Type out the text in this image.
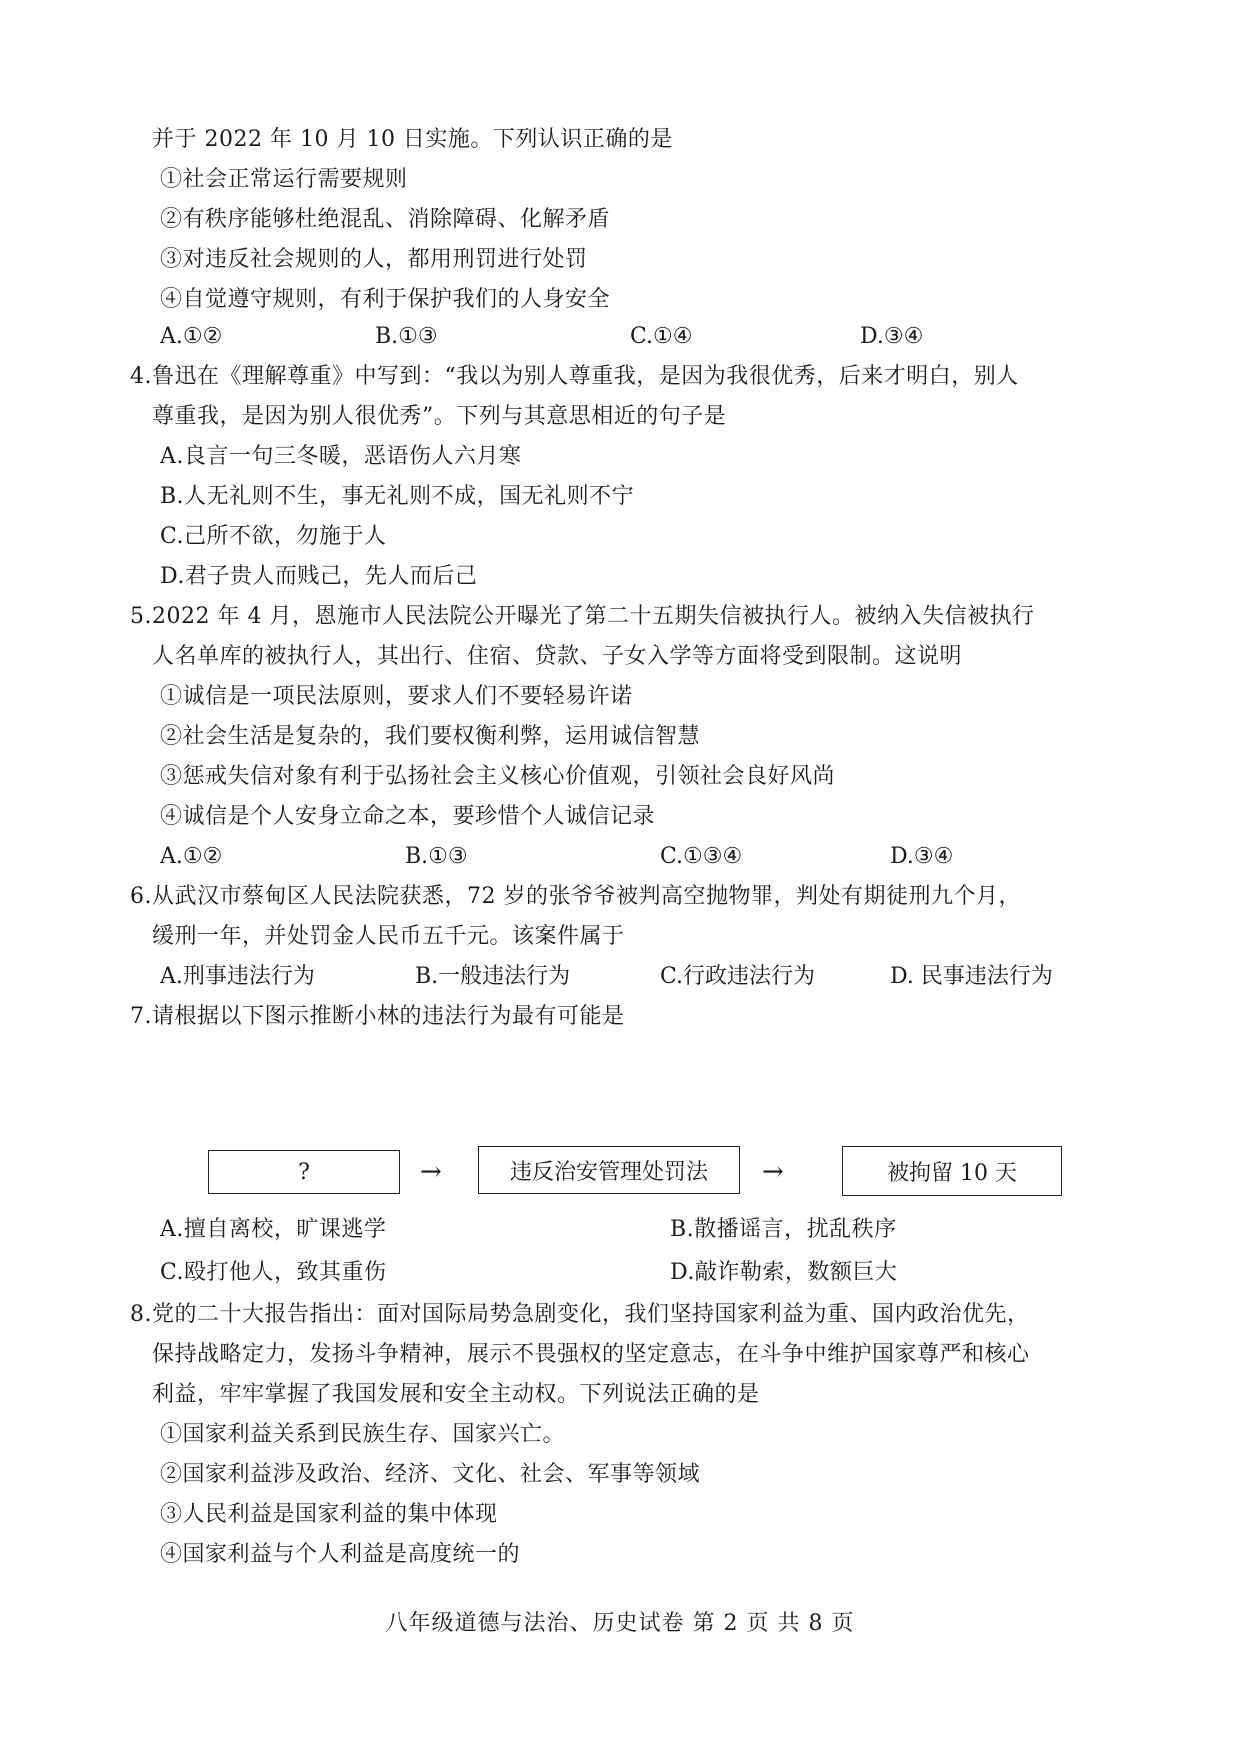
并于 2022 年 10 月 10 日实施。下列认识正确的是
①社会正常运行需要规则
②有秩序能够杜绝混乱、消除障碍、化解矛盾
③对违反社会规则的人，都用刑罚进行处罚
④自觉遵守规则，有利于保护我们的人身安全
A.①②	B.①③	C.①④	D.③④
4.鲁迅在《理解尊重》中写到：“我以为别人尊重我，是因为我很优秀，后来才明白，别人
尊重我，是因为别人很优秀”。下列与其意思相近的句子是
A.良言一句三冬暖，恶语伤人六月寒
B.人无礼则不生，事无礼则不成，国无礼则不宁
C.己所不欲，勿施于人
D.君子贵人而贱己，先人而后己
5.2022 年 4 月，恩施市人民法院公开曝光了第二十五期失信被执行人。被纳入失信被执行
人名单库的被执行人，其出行、住宿、贷款、子女入学等方面将受到限制。这说明
①诚信是一项民法原则，要求人们不要轻易许诺
②社会生活是复杂的，我们要权衡利弊，运用诚信智慧
③惩戒失信对象有利于弘扬社会主义核心价值观，引领社会良好风尚
④诚信是个人安身立命之本，要珍惜个人诚信记录
A.①②	B.①③	C.①③④	D.③④
6.从武汉市蔡甸区人民法院获悉，72 岁的张爷爷被判高空抛物罪，判处有期徒刑九个月，
缓刑一年，并处罚金人民币五千元。该案件属于
A.刑事违法行为	B.一般违法行为	C.行政违法行为	D. 民事违法行为
7.请根据以下图示推断小林的违法行为最有可能是
?	→	违反治安管理处罚法 →	被拘留 10 天
A.擅自离校，旷课逃学	B.散播谣言，扰乱秩序
C.殴打他人，致其重伤	D.敲诈勒索，数额巨大
8.党的二十大报告指出：面对国际局势急剧变化，我们坚持国家利益为重、国内政治优先，
保持战略定力，发扬斗争精神，展示不畏强权的坚定意志，在斗争中维护国家尊严和核心
利益，牢牢掌握了我国发展和安全主动权。下列说法正确的是
①国家利益关系到民族生存、国家兴亡。
②国家利益涉及政治、经济、文化、社会、军事等领域
③人民利益是国家利益的集中体现
④国家利益与个人利益是高度统一的
八年级道德与法治、历史试卷 第 2 页 共 8 页
